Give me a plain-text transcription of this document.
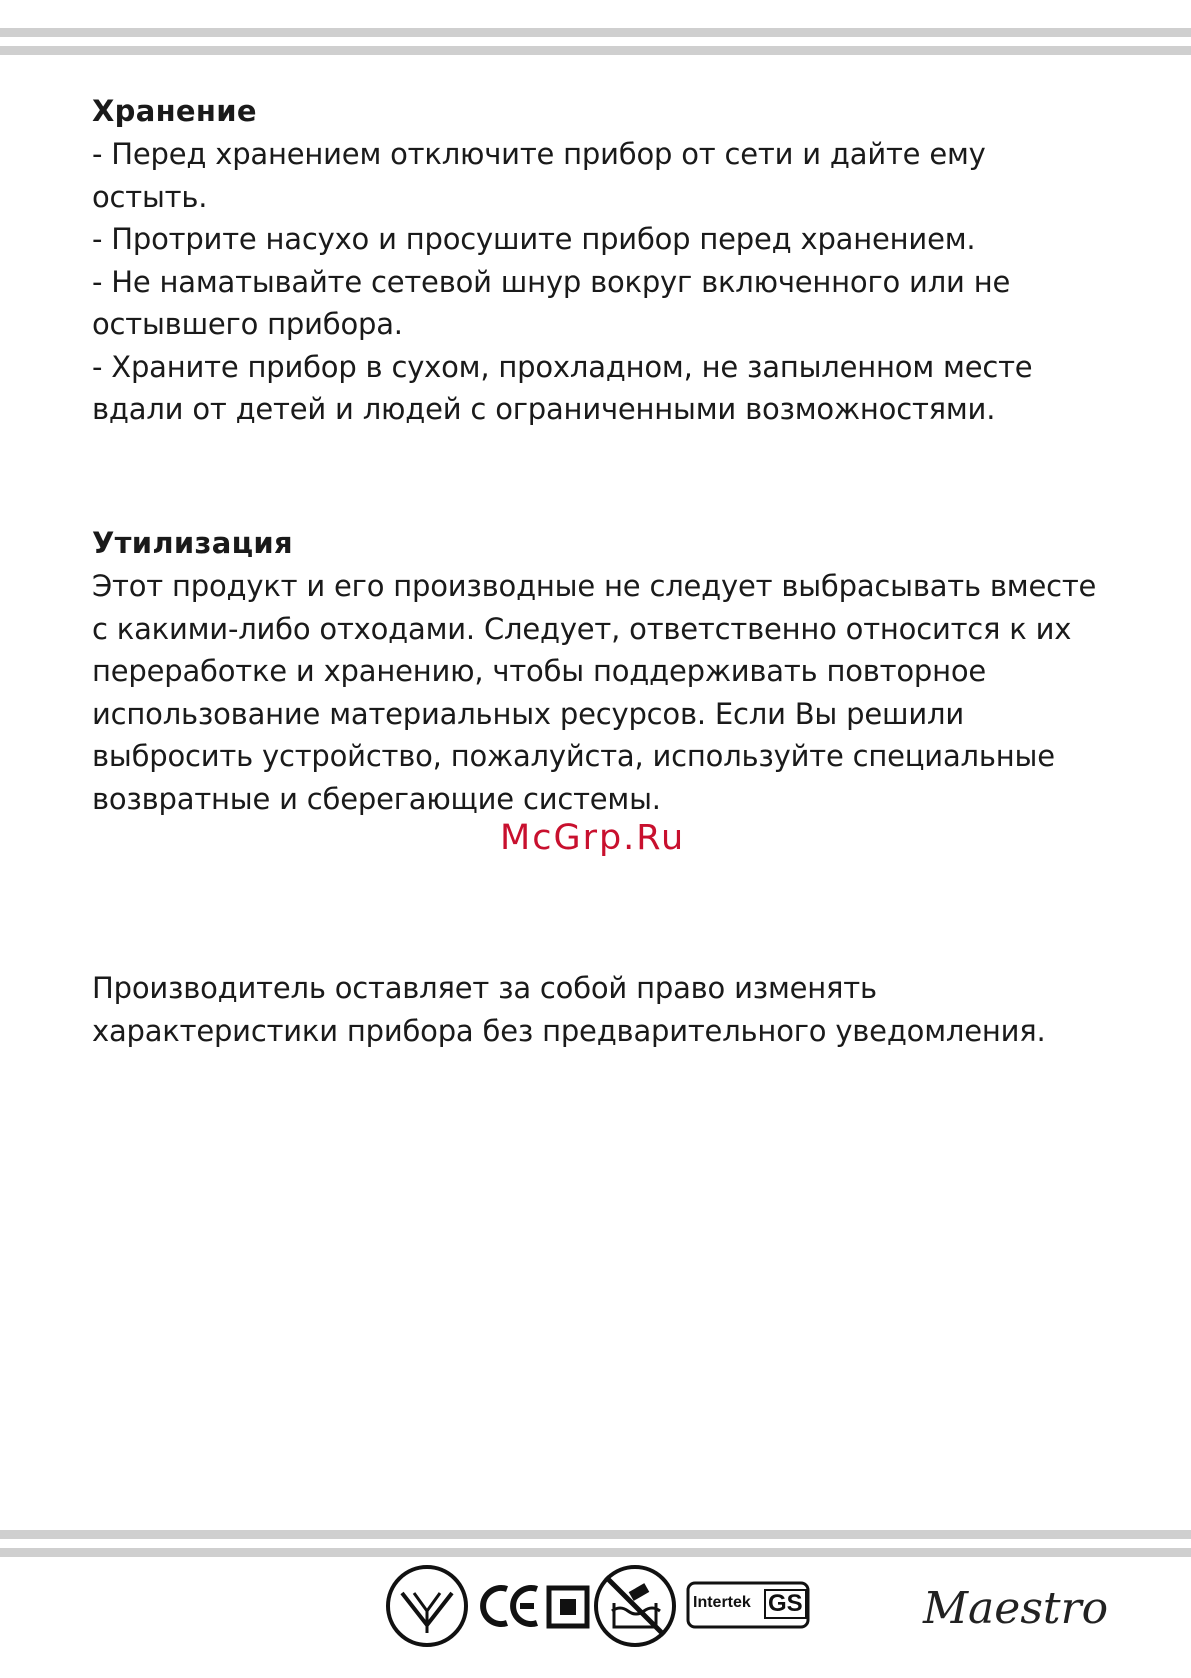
Хранение

- Перед хранением отключите прибор от сети и дайте ему

остыть.

- Протрите насухо и просушите прибор перед хранением.

- Не наматывайте сетевой шнур вокруг включенного или не

остывшего прибора.

- Храните прибор в сухом, прохладном, не запыленном месте

вдали от детей и людей с ограниченными возможностями.

Утилизация

Этот продукт и его производные не следует выбрасывать вместе

с какими-либо отходами. Следует, ответственно относится к их

переработке и хранению, чтобы поддерживать повторное

использование материальных ресурсов. Если Вы решили

выбросить устройство, пожалуйста, используйте специальные

возвратные и сберегающие системы.

Производитель оставляет за собой право изменять

характеристики прибора без предварительного уведомления.

McGrp.Ru
Intertek GS	Maestro
